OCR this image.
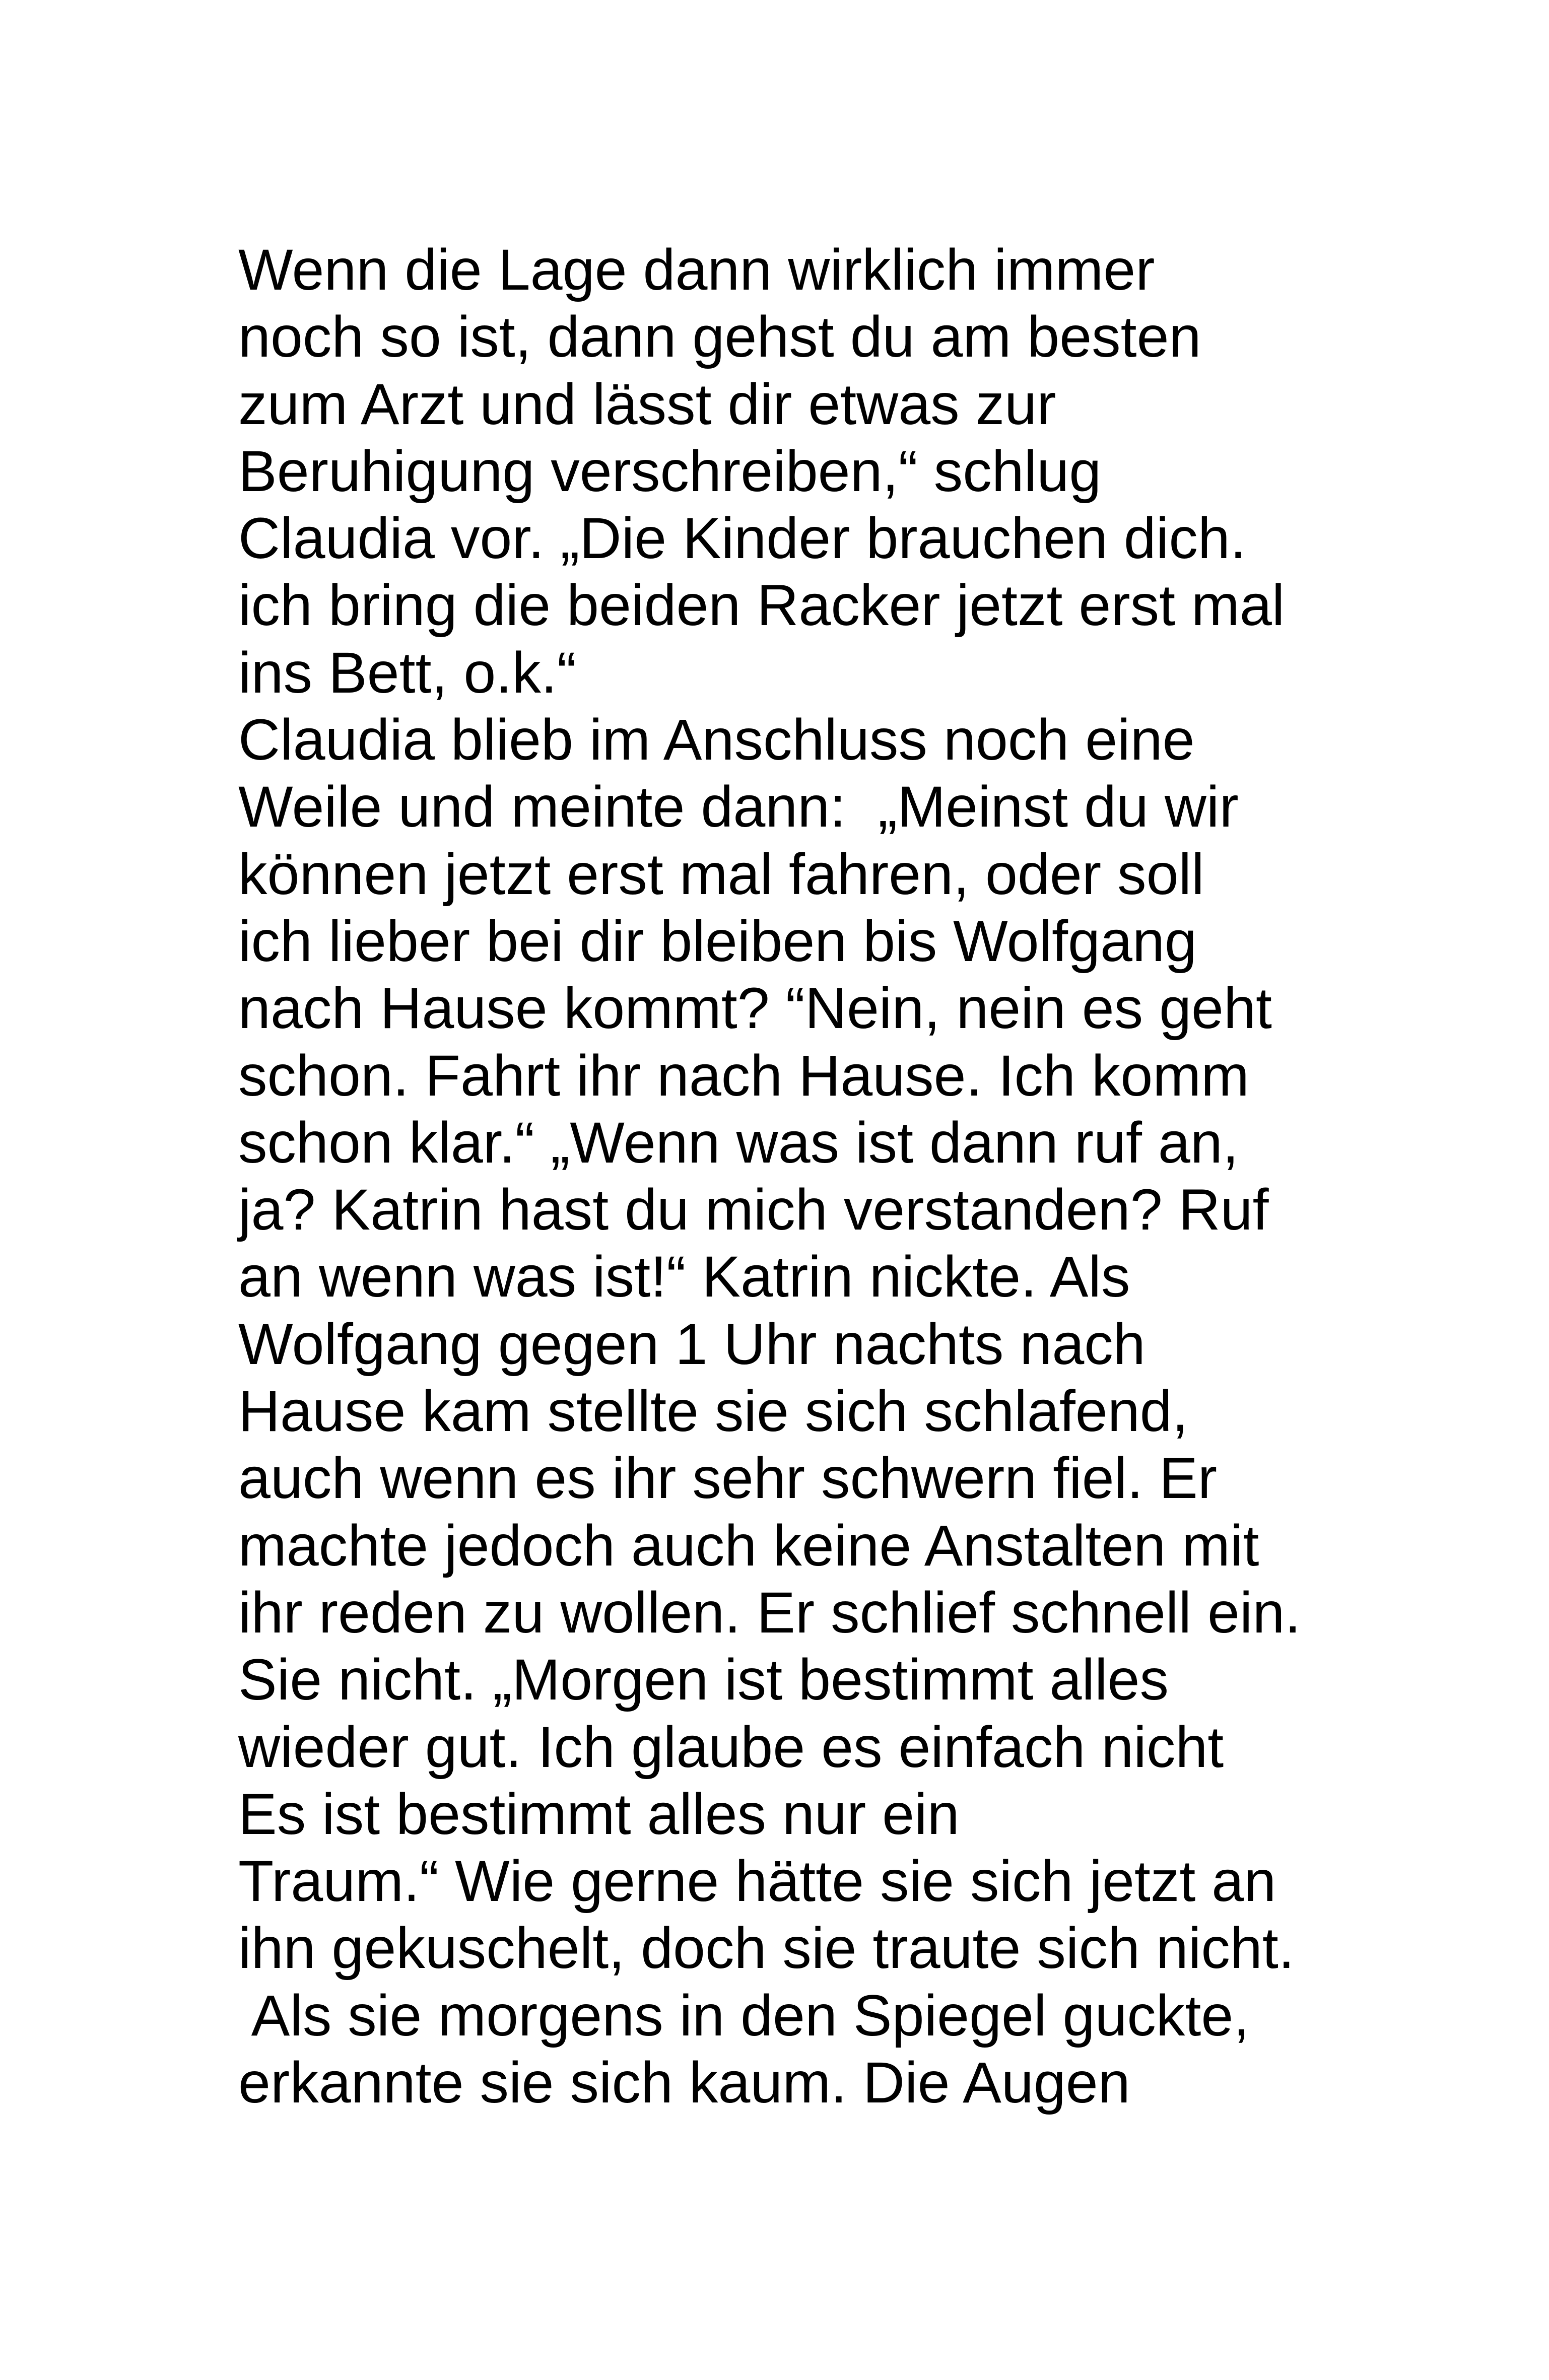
Wenn die Lage dann wirklich immer
noch so ist, dann gehst du am besten
zum Arzt und lässt dir etwas zur
Beruhigung verschreiben,“ schlug
Claudia vor. „Die Kinder brauchen dich.
ich bring die beiden Racker jetzt erst mal
ins Bett, o.k.“
Claudia blieb im Anschluss noch eine
Weile und meinte dann:  „Meinst du wir
können jetzt erst mal fahren, oder soll
ich lieber bei dir bleiben bis Wolfgang
nach Hause kommt? “Nein, nein es geht
schon. Fahrt ihr nach Hause. Ich komm
schon klar.“ „Wenn was ist dann ruf an,
ja? Katrin hast du mich verstanden? Ruf
an wenn was ist!“ Katrin nickte. Als
Wolfgang gegen 1 Uhr nachts nach
Hause kam stellte sie sich schlafend,
auch wenn es ihr sehr schwern fiel. Er
machte jedoch auch keine Anstalten mit
ihr reden zu wollen. Er schlief schnell ein.
Sie nicht. „Morgen ist bestimmt alles
wieder gut. Ich glaube es einfach nicht
Es ist bestimmt alles nur ein
Traum.“ Wie gerne hätte sie sich jetzt an
ihn gekuschelt, doch sie traute sich nicht.
Als sie morgens in den Spiegel guckte,
erkannte sie sich kaum. Die Augen
